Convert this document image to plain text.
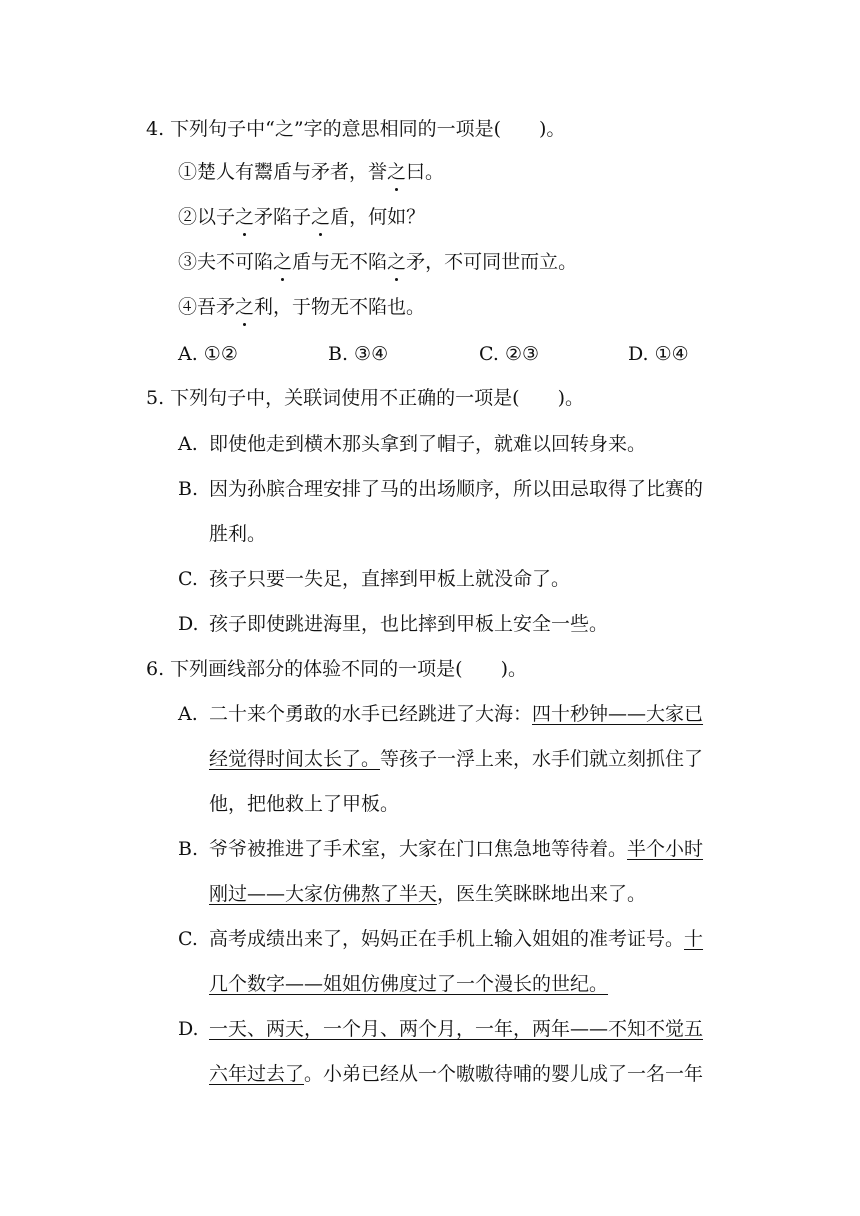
4. 下列句子中“之”字的意思相同的一项是(　　)。
①楚人有鬻盾与矛者，誉之曰。
②以子之矛陷子之盾，何如？
③夫不可陷之盾与无不陷之矛，不可同世而立。
④吾矛之利，于物无不陷也。
A. ①②	B. ③④	C. ②③	D. ①④
5. 下列句子中，关联词使用不正确的一项是(　　)。
A. 即使他走到横木那头拿到了帽子，就难以回转身来。
B. 因为孙膑合理安排了马的出场顺序，所以田忌取得了比赛的
胜利。
C. 孩子只要一失足，直摔到甲板上就没命了。
D. 孩子即使跳进海里，也比摔到甲板上安全一些。
6. 下列画线部分的体验不同的一项是(　　)。
A. 二十来个勇敢的水手已经跳进了大海：四十秒钟——大家已
经觉得时间太长了。等孩子一浮上来，水手们就立刻抓住了
他，把他救上了甲板。
B. 爷爷被推进了手术室，大家在门口焦急地等待着。半个小时
刚过——大家仿佛熬了半天，医生笑眯眯地出来了。
C. 高考成绩出来了，妈妈正在手机上输入姐姐的准考证号。十
几个数字——姐姐仿佛度过了一个漫长的世纪。
D. 一天、两天，一个月、两个月，一年，两年——不知不觉五
六年过去了。小弟已经从一个嗷嗷待哺的婴儿成了一名一年
